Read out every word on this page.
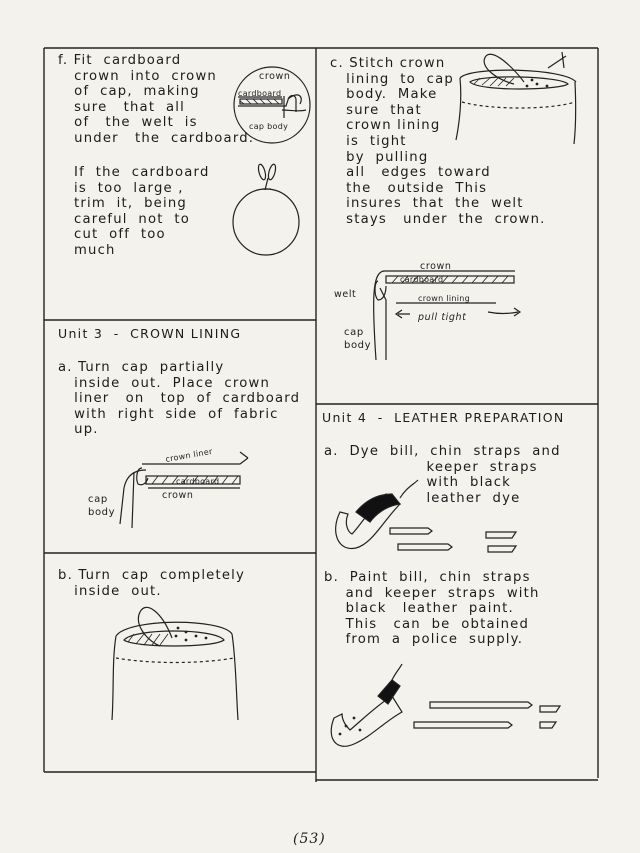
crown
cardboard
cap body
crown
cardboard
welt	crown lining
pull tight
crown liner
cardboard
crown
f. Fit  cardboard
crown  into  crown
of  cap,  making
sure   that  all
of   the  welt  is
under   the  cardboard.
If  the  cardboard
is  too  large ,
trim  it,  being
careful  not  to
cut  off  too
much
c. Stitch crown
lining  to  cap
body.  Make
sure  that
crown lining
is  tight
by  pulling
all   edges  toward
the   outside  This
insures  that  the  welt
stays   under  the  crown.
cap
body
Unit 3  -  CROWN LINING
a. Turn  cap  partially
inside  out.  Place  crown
liner   on   top  of  cardboard
with  right  side  of  fabric
up.
cap
body
b. Turn  cap  completely
inside  out.
Unit 4  -  LEATHER PREPARATION
a.  Dye  bill,  chin  straps  and
keeper  straps
with  black
leather  dye
b.  Paint  bill,  chin  straps
and  keeper  straps  with
black   leather  paint.
This   can  be  obtained
from  a  police  supply.
(53)
